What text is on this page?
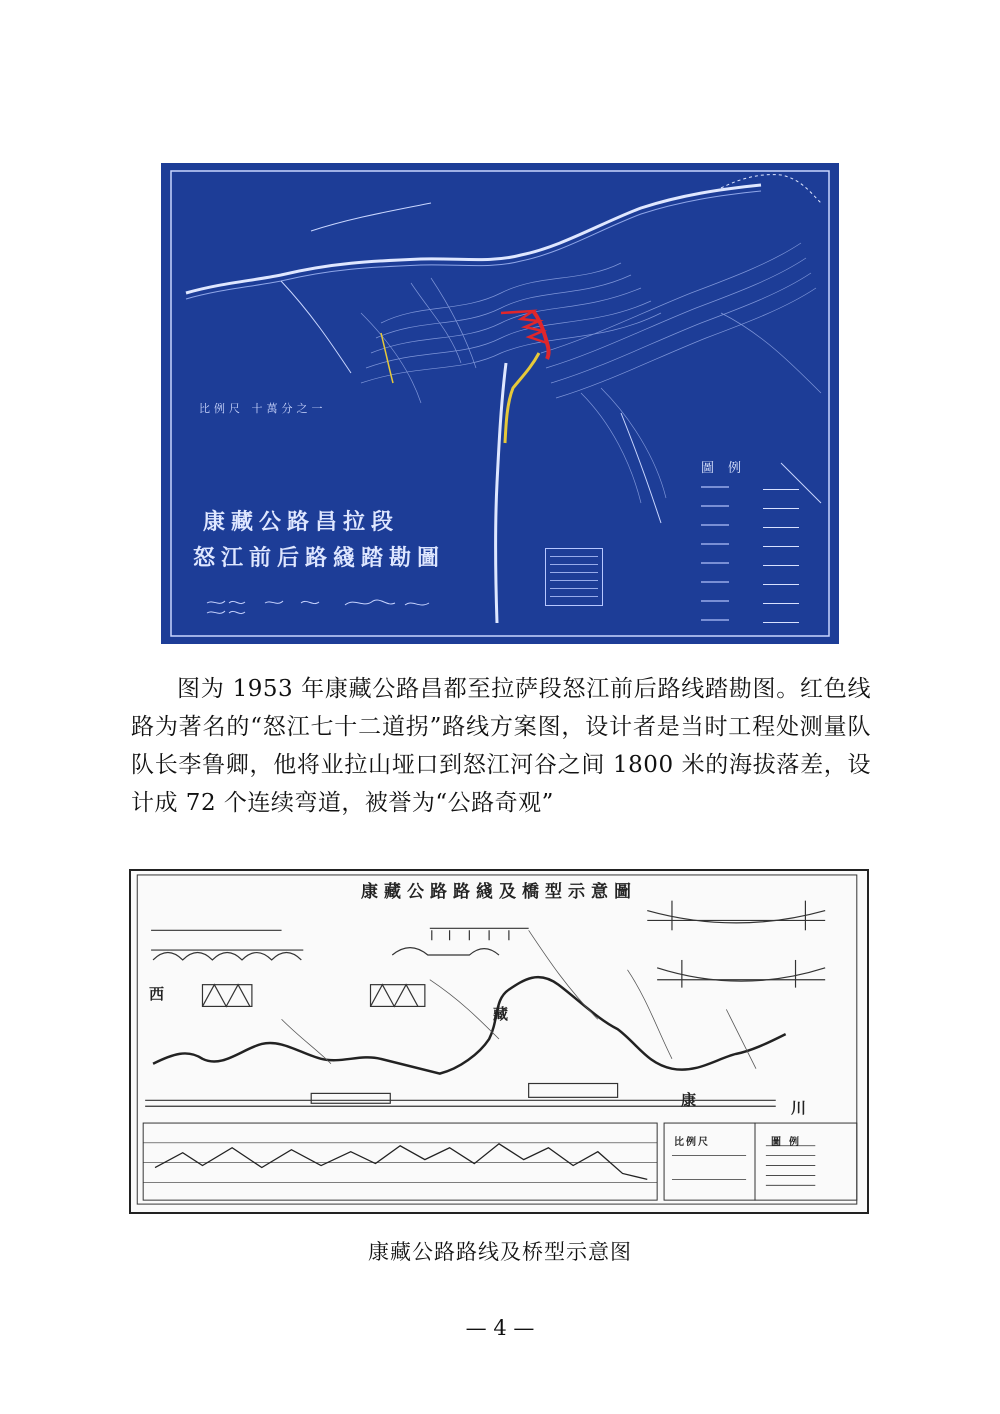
比例尺 十萬分之一
康藏公路昌拉段
怒江前后路綫踏勘圖
圖例
图为 1953 年康藏公路昌都至拉萨段怒江前后路线踏勘图。红色线路为著名的“怒江七十二道拐”路线方案图，设计者是当时工程处测量队队长李鲁卿，他将业拉山垭口到怒江河谷之间 1800 米的海拔落差，设计成 72 个连续弯道，被誉为“公路奇观”
康藏公路路綫及橋型示意圖
西
藏
康	川
比例尺	圖例
康藏公路路线及桥型示意图
— 4 —
